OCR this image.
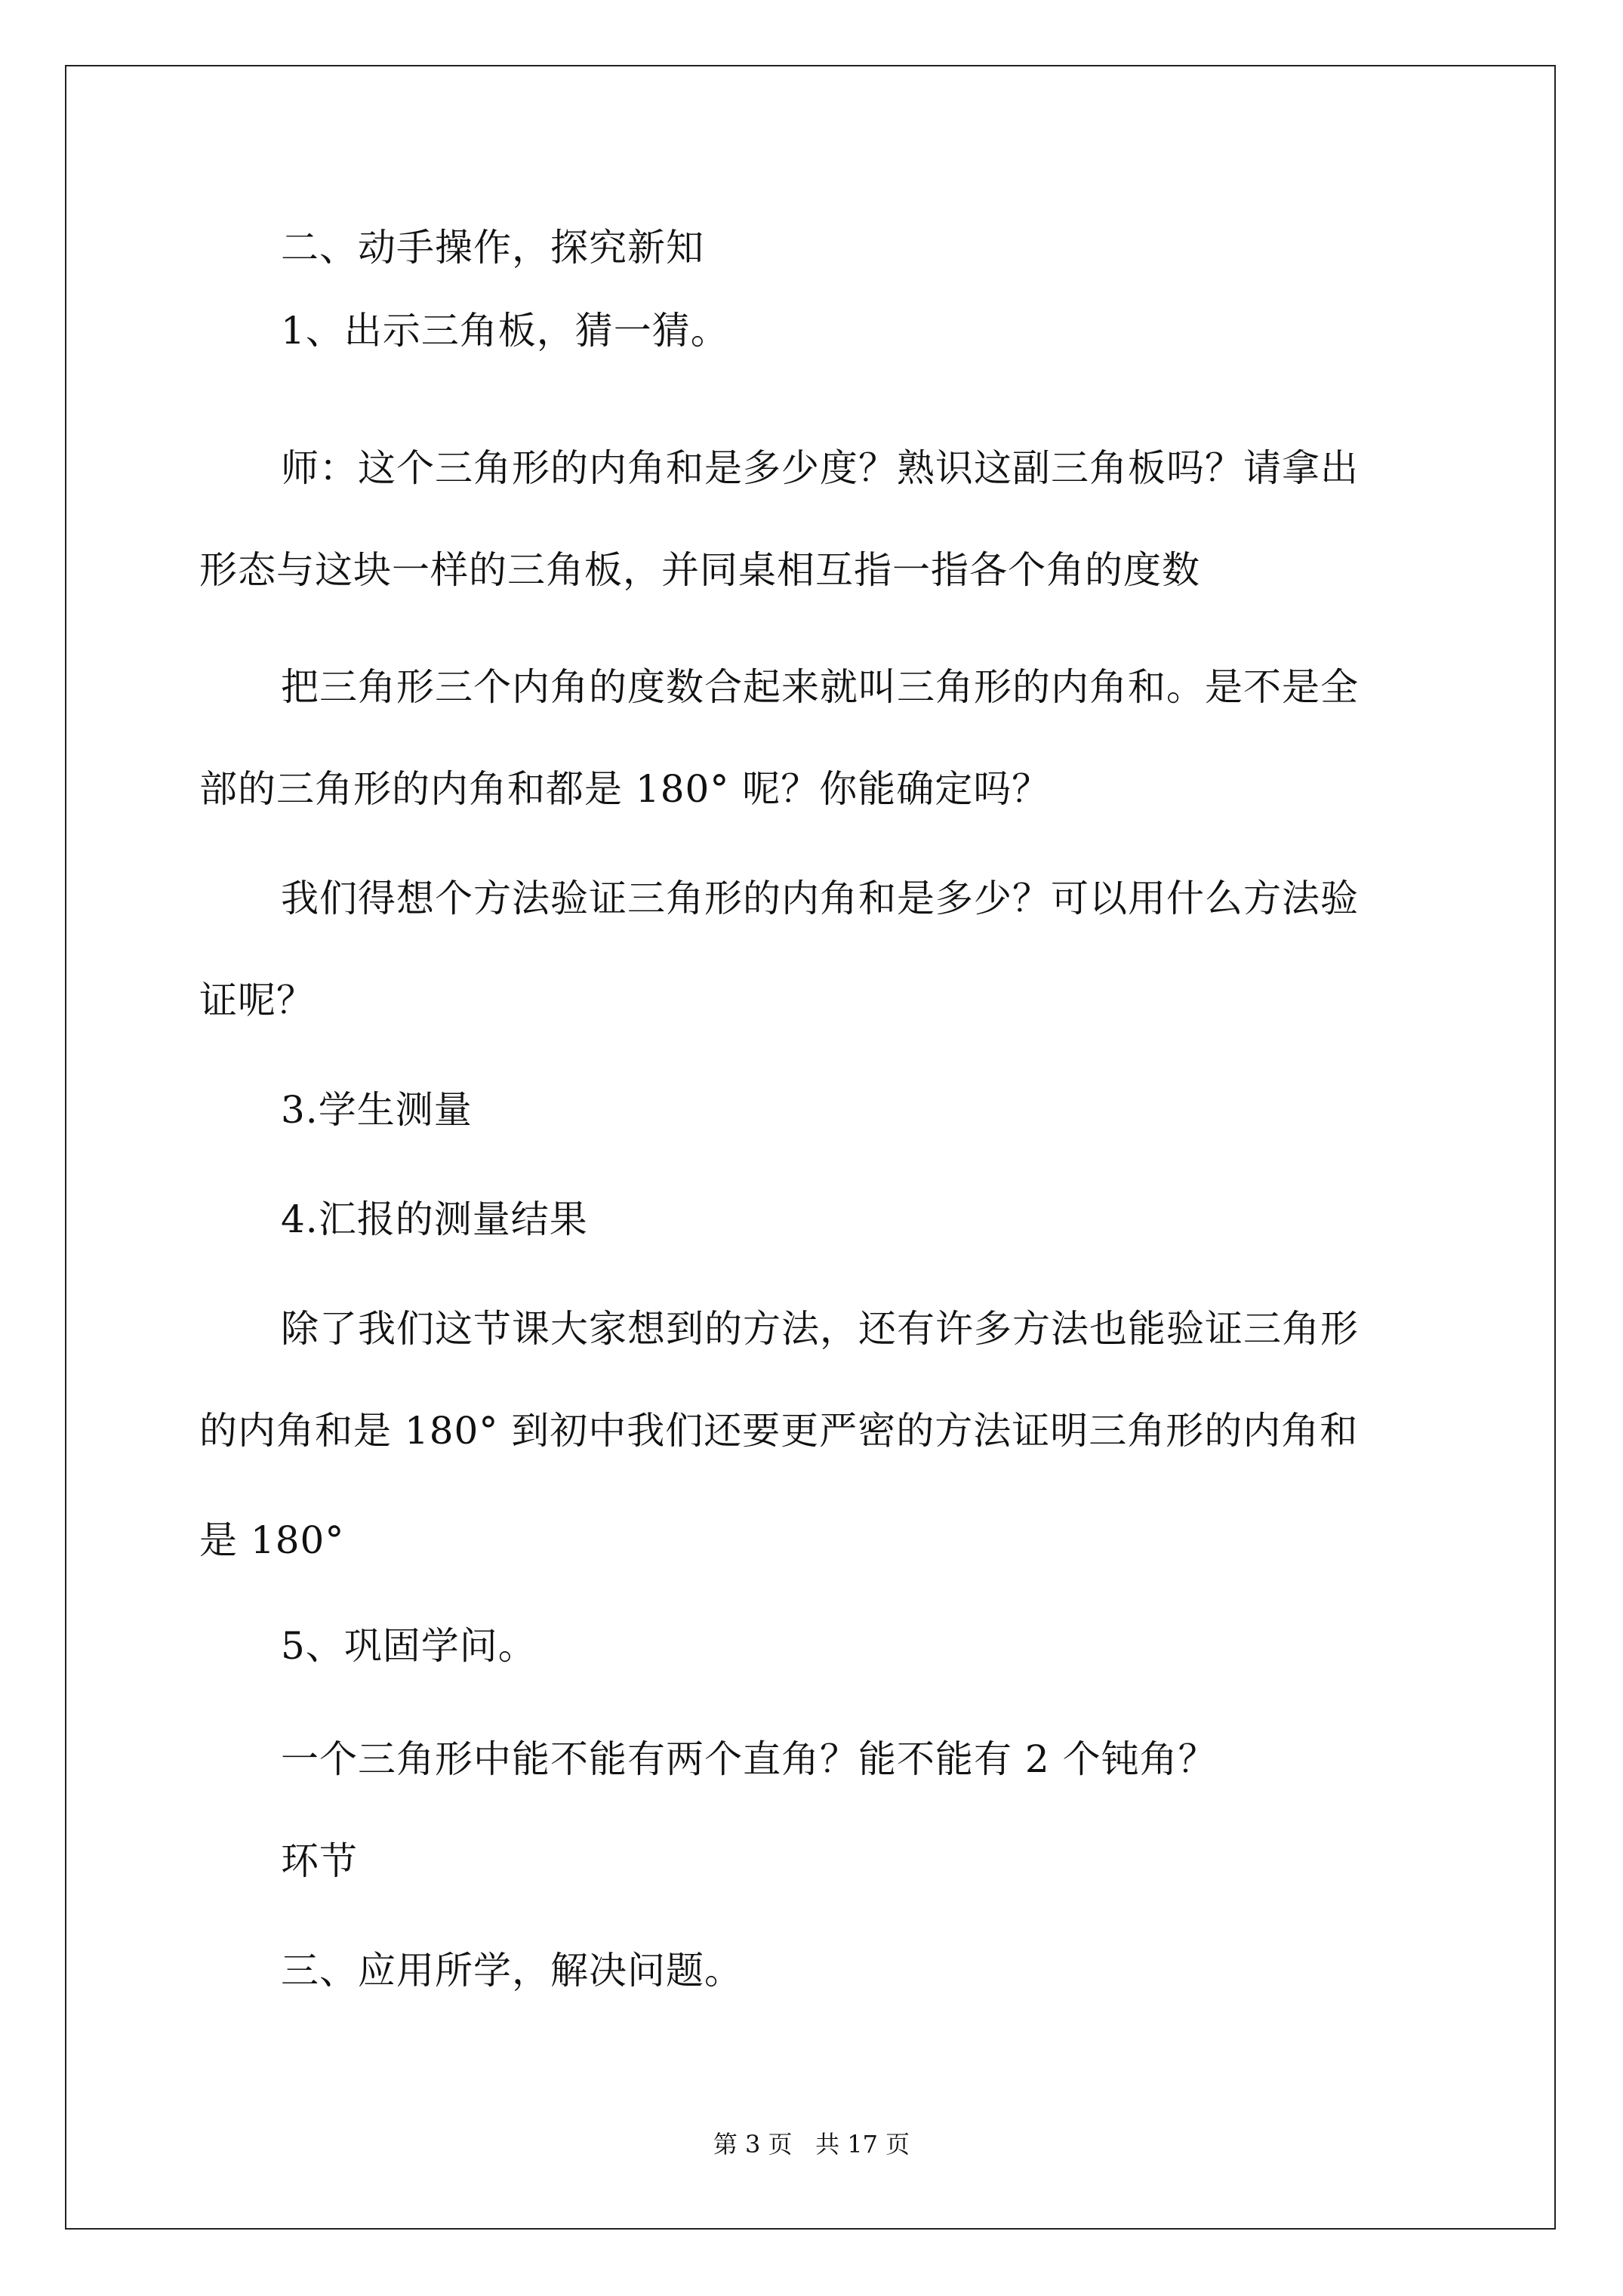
二、动手操作，探究新知
1、出示三角板，猜一猜。
师：这个三角形的内角和是多少度？熟识这副三角板吗？请拿出
形态与这块一样的三角板，并同桌相互指一指各个角的度数
把三角形三个内角的度数合起来就叫三角形的内角和。是不是全
部的三角形的内角和都是 180° 呢？你能确定吗？
我们得想个方法验证三角形的内角和是多少？可以用什么方法验
证呢？
3.学生测量
4.汇报的测量结果
除了我们这节课大家想到的方法，还有许多方法也能验证三角形
的内角和是 180° 到初中我们还要更严密的方法证明三角形的内角和
是 180°
5、巩固学问。
一个三角形中能不能有两个直角？能不能有 2 个钝角？
环节
三、应用所学，解决问题。
第 3 页   共 17 页
